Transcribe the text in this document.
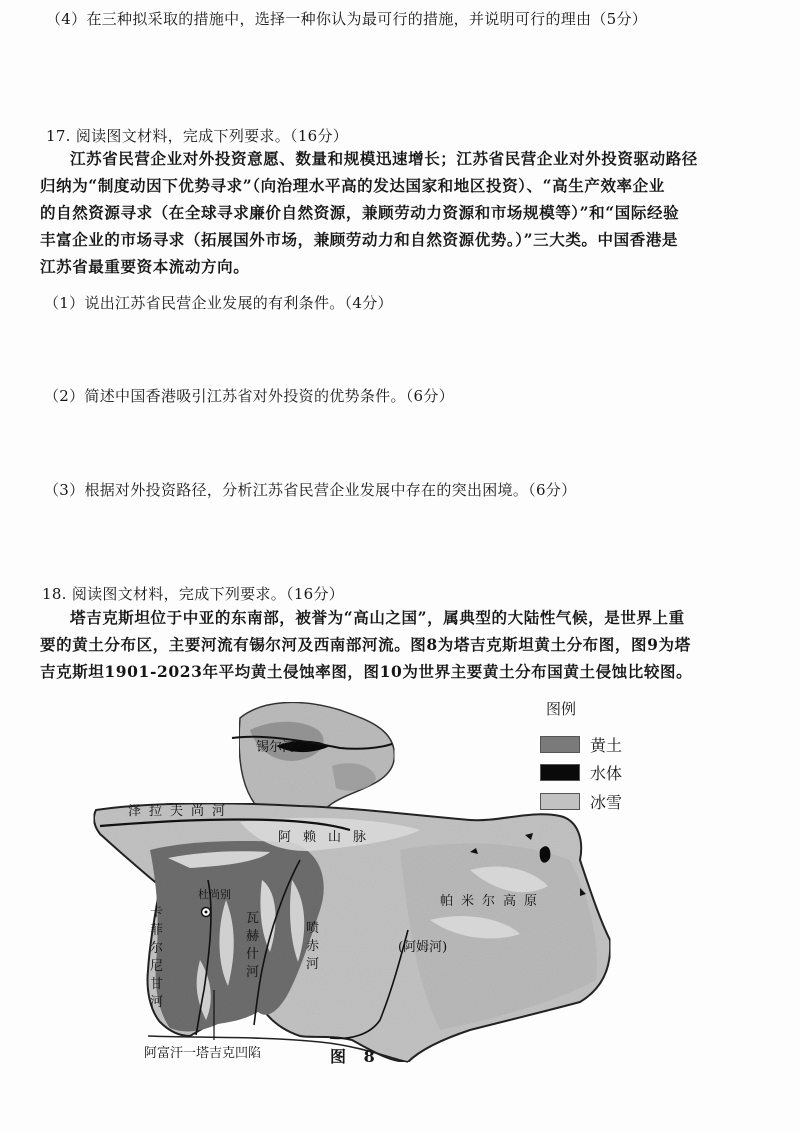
（4）在三种拟采取的措施中，选择一种你认为最可行的措施，并说明可行的理由（5分）
17. 阅读图文材料，完成下列要求。（16分）
江苏省民营企业对外投资意愿、数量和规模迅速增长；江苏省民营企业对外投资驱动路径
归纳为“制度动因下优势寻求”（向治理水平高的发达国家和地区投资）、“高生产效率企业
的自然资源寻求（在全球寻求廉价自然资源，兼顾劳动力资源和市场规模等）”和“国际经验
丰富企业的市场寻求（拓展国外市场，兼顾劳动力和自然资源优势。）”三大类。中国香港是
江苏省最重要资本流动方向。
（1）说出江苏省民营企业发展的有利条件。（4分）
（2）简述中国香港吸引江苏省对外投资的优势条件。（6分）
（3）根据对外投资路径，分析江苏省民营企业发展中存在的突出困境。（6分）
18. 阅读图文材料，完成下列要求。（16分）
塔吉克斯坦位于中亚的东南部，被誉为“高山之国”，属典型的大陆性气候，是世界上重
要的黄土分布区，主要河流有锡尔河及西南部河流。图8为塔吉克斯坦黄土分布图，图9为塔
吉克斯坦1901-2023年平均黄土侵蚀率图，图10为世界主要黄土分布国黄土侵蚀比较图。
锡尔河
泽拉夫尚河
阿赖山脉
杜尚别	帕米尔高原
(阿姆河)
卡菲尔尼甘河
瓦赫什河
喷赤河
阿富汗一塔吉克凹陷
图例
黄土
水体
冰雪
图 8
